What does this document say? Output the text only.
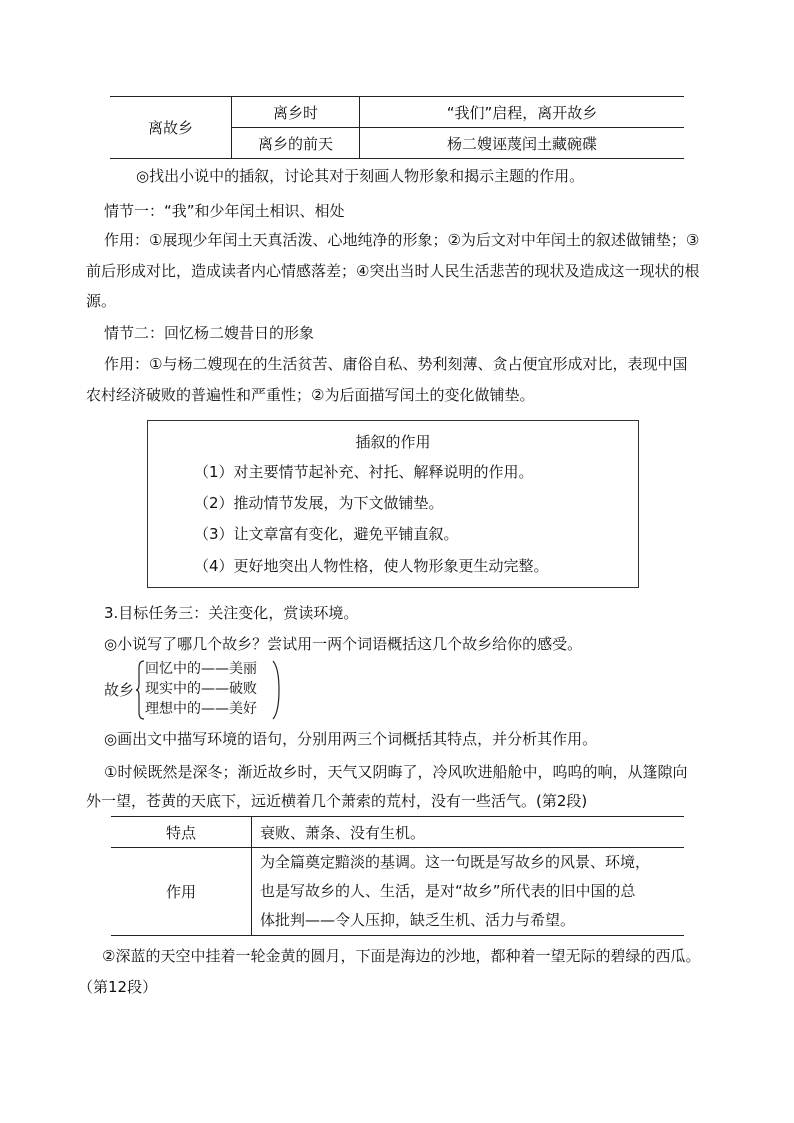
离故乡	离乡时	“我们”启程，离开故乡
	离乡的前天	杨二嫂诬蔑闰土藏碗碟
◎找出小说中的插叙，讨论其对于刻画人物形象和揭示主题的作用。
情节一：“我”和少年闰土相识、相处
作用：①展现少年闰土天真活泼、心地纯净的形象；②为后文对中年闰土的叙述做铺垫；③
前后形成对比，造成读者内心情感落差；④突出当时人民生活悲苦的现状及造成这一现状的根
源。
情节二：回忆杨二嫂昔日的形象
作用：①与杨二嫂现在的生活贫苦、庸俗自私、势利刻薄、贪占便宜形成对比，表现中国
农村经济破败的普遍性和严重性；②为后面描写闰土的变化做铺垫。
插叙的作用
（1）对主要情节起补充、衬托、解释说明的作用。
（2）推动情节发展，为下文做铺垫。
（3）让文章富有变化，避免平铺直叙。
（4）更好地突出人物性格，使人物形象更生动完整。
3.目标任务三：关注变化，赏读环境。
◎小说写了哪几个故乡？尝试用一两个词语概括这几个故乡给你的感受。
故乡
回忆中的——美丽
现实中的——破败
理想中的——美好
◎画出文中描写环境的语句，分别用两三个词概括其特点，并分析其作用。
①时候既然是深冬；渐近故乡时，天气又阴晦了，冷风吹进船舱中，呜呜的响，从篷隙向
外一望，苍黄的天底下，远近横着几个萧索的荒村，没有一些活气。(第2段)
特点	衰败、萧条、没有生机。
作用	为全篇奠定黯淡的基调。这一句既是写故乡的风景、环境，
也是写故乡的人、生活，是对“故乡”所代表的旧中国的总
体批判——令人压抑，缺乏生机、活力与希望。
②深蓝的天空中挂着一轮金黄的圆月，下面是海边的沙地，都种着一望无际的碧绿的西瓜。
（第12段）
